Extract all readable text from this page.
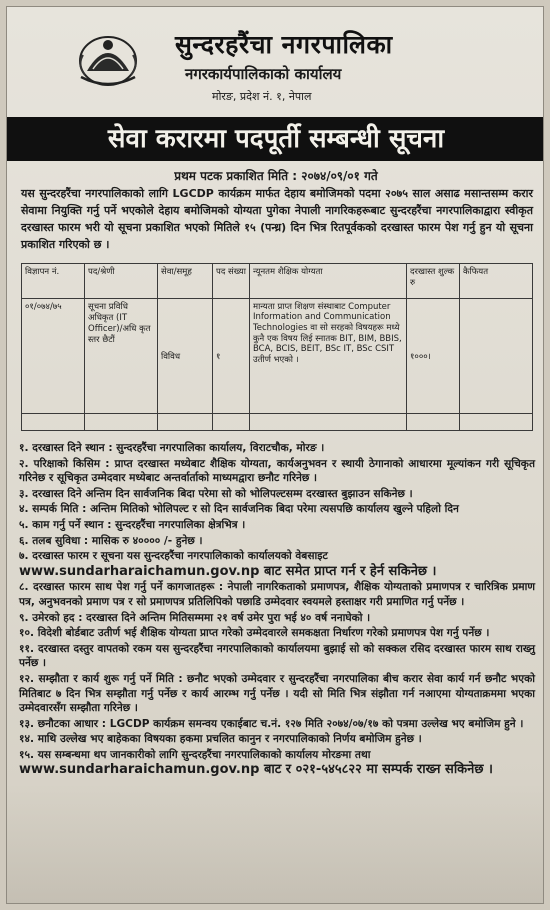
सुन्दरहरैंचा नगरपालिका
नगरकार्यपालिकाको कार्यालय
मोरङ, प्रदेश नं. १, नेपाल
सेवा करारमा पदपूर्ती सम्बन्धी सूचना
प्रथम पटक प्रकाशित मिति : २०७४/०९/०१ गते
यस सुन्दरहरैंचा नगरपालिकाको लागि LGCDP कार्यक्रम मार्फत देहाय बमोजिमको पदमा २०७५ साल असाढ मसान्तसम्म करार सेवामा नियुक्ति गर्नु पर्ने भएकोले देहाय बमोजिमको योग्यता पुगेका नेपाली नागरिकहरूबाट सुन्दरहरैंचा नगरपालिकाद्वारा स्वीकृत दरखास्त फारम भरी यो सूचना प्रकाशित भएको मितिले १५ (पन्ध्र) दिन भित्र रितपूर्वकको दरखास्त फारम पेश गर्नु हुन यो सूचना प्रकाशित गरिएको छ ।
विज्ञापन नं.	पद/श्रेणी	सेवा/समूह	पद संख्या	न्यूनतम शैक्षिक योग्यता	दरखास्त शुल्क रु	कैफियत
०१/०७४/७५	सूचना प्रविधि अधिकृत (IT Officer)/अधि कृत स्तर छैटौं	विविध	१	मान्यता प्राप्त शिक्षण संस्थाबाट Computer Information and Communication Technologies वा सो सरहको विषयहरू मध्ये कुनै एक विषय लिई स्नातक BIT, BIM, BBIS, BCA, BCIS, BEIT, BSc IT, BSc CSIT उतीर्ण भएको ।	१०००।	

१. दरखास्त दिने स्थान : सुन्दरहरैंचा नगरपालिका कार्यालय, विराटचौक, मोरङ ।
२. परिक्षाको किसिम : प्राप्त दरखास्त मध्येबाट शैक्षिक योग्यता, कार्यअनुभवन र स्थायी ठेगानाको आधारमा मूल्यांकन गरी सूचिकृत गरिनेछ र सूचिकृत उम्मेदवार मध्येबाट अन्तर्वार्ताको माध्यमद्वारा छनौट गरिनेछ ।
३. दरखास्त दिने अन्तिम दिन सार्वजनिक बिदा परेमा सो को भोलिपल्टसम्म दरखास्त बुझाउन सकिनेछ ।
४. सम्पर्क मिति : अन्तिम मितिको भोलिपल्ट र सो दिन सार्वजनिक बिदा परेमा त्यसपछि कार्यालय खुल्ने पहिलो दिन
५. काम गर्नु पर्ने स्थान : सुन्दरहरैंचा नगरपालिका क्षेत्रभित्र ।
६. तलब सुविधा : मासिक रु ४०००० /- हुनेछ ।
७. दरखास्त फारम र सूचना यस सुन्दरहरैंचा नगरपालिकाको कार्यालयको वेबसाइट
www.sundarharaichamun.gov.np बाट समेत प्राप्त गर्न र हेर्न सकिनेछ ।
८. दरखास्त फारम साथ पेश गर्नु पर्ने कागजातहरू : नेपाली नागरिकताको प्रमाणपत्र, शैक्षिक योग्यताको प्रमाणपत्र र चारित्रिक प्रमाण पत्र, अनुभवनको प्रमाण पत्र र सो प्रमाणपत्र प्रतिलिपिको पछाडि उम्मेदवार स्वयमले हस्ताक्षर गरी प्रमाणित गर्नु पर्नेछ ।
९. उमेरको हद : दरखास्त दिने अन्तिम मितिसम्ममा २१ वर्ष उमेर पुरा भई ४० वर्ष ननाघेको ।
१०. विदेशी बोर्डबाट उतीर्ण भई शैक्षिक योग्यता प्राप्त गरेको उम्मेदवारले समकक्षता निर्धारण गरेको प्रमाणपत्र पेश गर्नु पर्नेछ ।
११. दरखास्त दस्तुर वापतको रकम यस सुन्दरहरैंचा नगरपालिकाको कार्यालयमा बुझाई सो को सक्कल रसिद दरखास्त फारम साथ राख्नु पर्नेछ ।
१२. सम्झौता र कार्य शुरू गर्नु पर्ने मिति : छनौट भएको उम्मेदवार र सुन्दरहरैंचा नगरपालिका बीच करार सेवा कार्य गर्न छनौट भएको मितिबाट ७ दिन भित्र सम्झौता गर्नु पर्नेछ र कार्य आरम्भ गर्नु पर्नेछ । यदी सो मिति भित्र संझौता गर्न नआएमा योग्यताक्रममा भएका उम्मेदवारसँग सम्झौता गरिनेछ ।
१३. छनौटका आधार : LGCDP कार्यक्रम समन्वय एकाईबाट च.नं. १२७ मिति २०७४/०७/१७ को पत्रमा उल्लेख भए बमोजिम हुने ।
१४. माथि उल्लेख भए बाहेकका विषयका हकमा प्रचलित कानुन र नगरपालिकाको निर्णय बमोजिम हुनेछ ।
१५. यस सम्बन्धमा थप जानकारीको लागि सुन्दरहरैंचा नगरपालिकाको कार्यालय मोरङमा तथा
www.sundarharaichamun.gov.np बाट र ०२१-५४५८२२ मा सम्पर्क राख्न सकिनेछ ।
